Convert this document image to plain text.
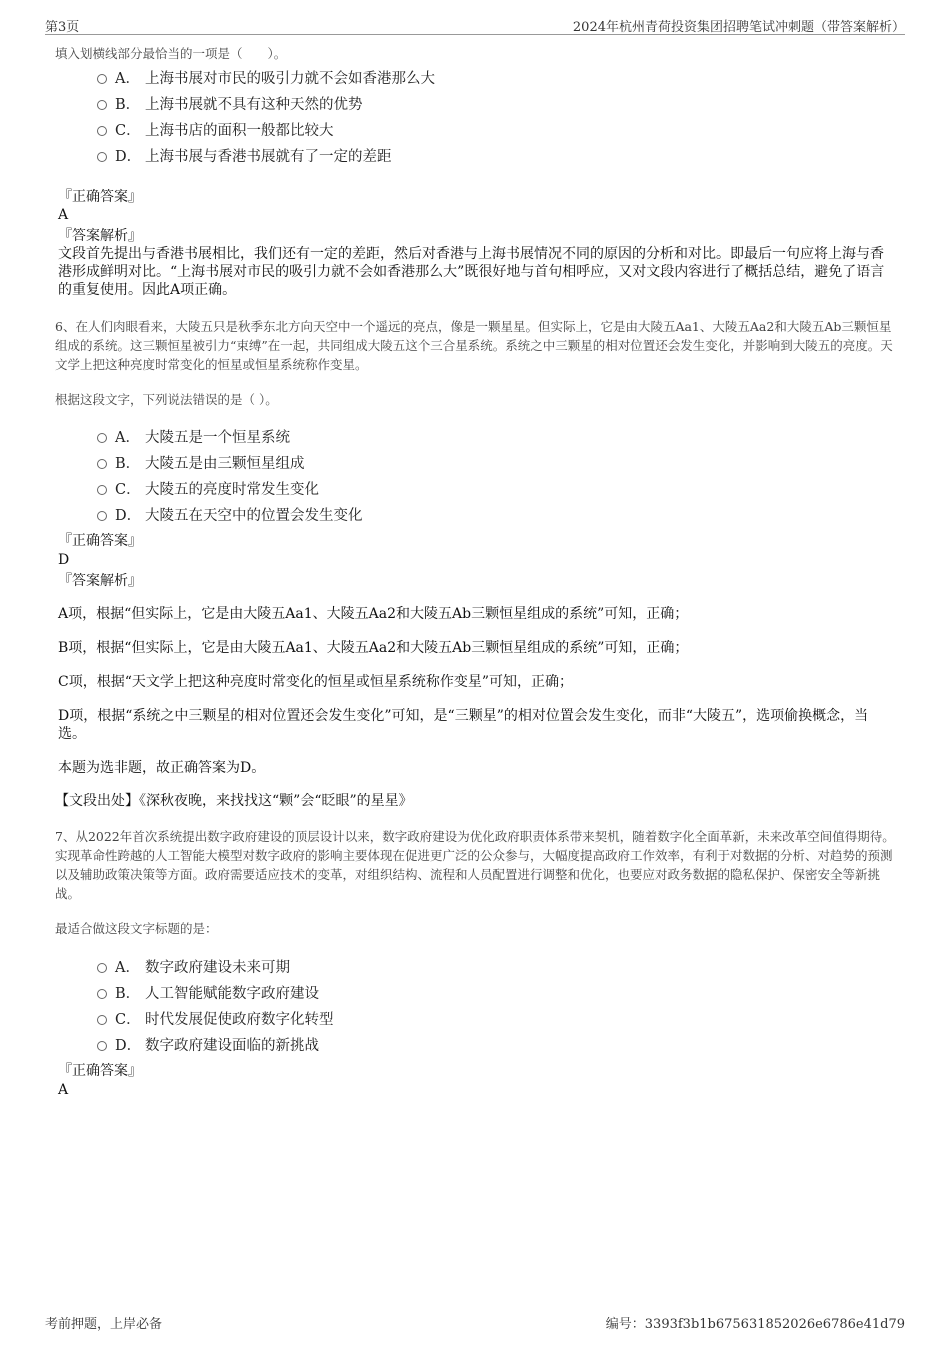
第3页	2024年杭州青荷投资集团招聘笔试冲刺题（带答案解析）
填入划横线部分最恰当的一项是（　　）。
A． 上海书展对市民的吸引力就不会如香港那么大
B． 上海书展就不具有这种天然的优势
C． 上海书店的面积一般都比较大
D． 上海书展与香港书展就有了一定的差距
『正确答案』
A
『答案解析』
文段首先提出与香港书展相比，我们还有一定的差距，然后对香港与上海书展情况不同的原因的分析和对比。即最后一句应将上海与香港形成鲜明对比。“上海书展对市民的吸引力就不会如香港那么大”既很好地与首句相呼应，又对文段内容进行了概括总结，避免了语言的重复使用。因此A项正确。
6、在人们肉眼看来，大陵五只是秋季东北方向天空中一个遥远的亮点，像是一颗星星。但实际上，它是由大陵五Aa1、大陵五Aa2和大陵五Ab三颗恒星组成的系统。这三颗恒星被引力“束缚”在一起，共同组成大陵五这个三合星系统。系统之中三颗星的相对位置还会发生变化，并影响到大陵五的亮度。天文学上把这种亮度时常变化的恒星或恒星系统称作变星。
根据这段文字，下列说法错误的是（ ）。
A． 大陵五是一个恒星系统
B． 大陵五是由三颗恒星组成
C． 大陵五的亮度时常发生变化
D． 大陵五在天空中的位置会发生变化
『正确答案』
D
『答案解析』
A项，根据“但实际上，它是由大陵五Aa1、大陵五Aa2和大陵五Ab三颗恒星组成的系统”可知，正确；
B项，根据“但实际上，它是由大陵五Aa1、大陵五Aa2和大陵五Ab三颗恒星组成的系统”可知，正确；
C项，根据“天文学上把这种亮度时常变化的恒星或恒星系统称作变星”可知，正确；
D项，根据“系统之中三颗星的相对位置还会发生变化”可知，是“三颗星”的相对位置会发生变化，而非“大陵五”，选项偷换概念，当选。
本题为选非题，故正确答案为D。
【文段出处】《深秋夜晚，来找找这“颗”会“眨眼”的星星》
7、从2022年首次系统提出数字政府建设的顶层设计以来，数字政府建设为优化政府职责体系带来契机，随着数字化全面革新，未来改革空间值得期待。实现革命性跨越的人工智能大模型对数字政府的影响主要体现在促进更广泛的公众参与，大幅度提高政府工作效率，有利于对数据的分析、对趋势的预测以及辅助政策决策等方面。政府需要适应技术的变革，对组织结构、流程和人员配置进行调整和优化，也要应对政务数据的隐私保护、保密安全等新挑战。
最适合做这段文字标题的是：
A． 数字政府建设未来可期
B． 人工智能赋能数字政府建设
C． 时代发展促使政府数字化转型
D． 数字政府建设面临的新挑战
『正确答案』
A
考前押题，上岸必备	编号：3393f3b1b675631852026e6786e41d79
